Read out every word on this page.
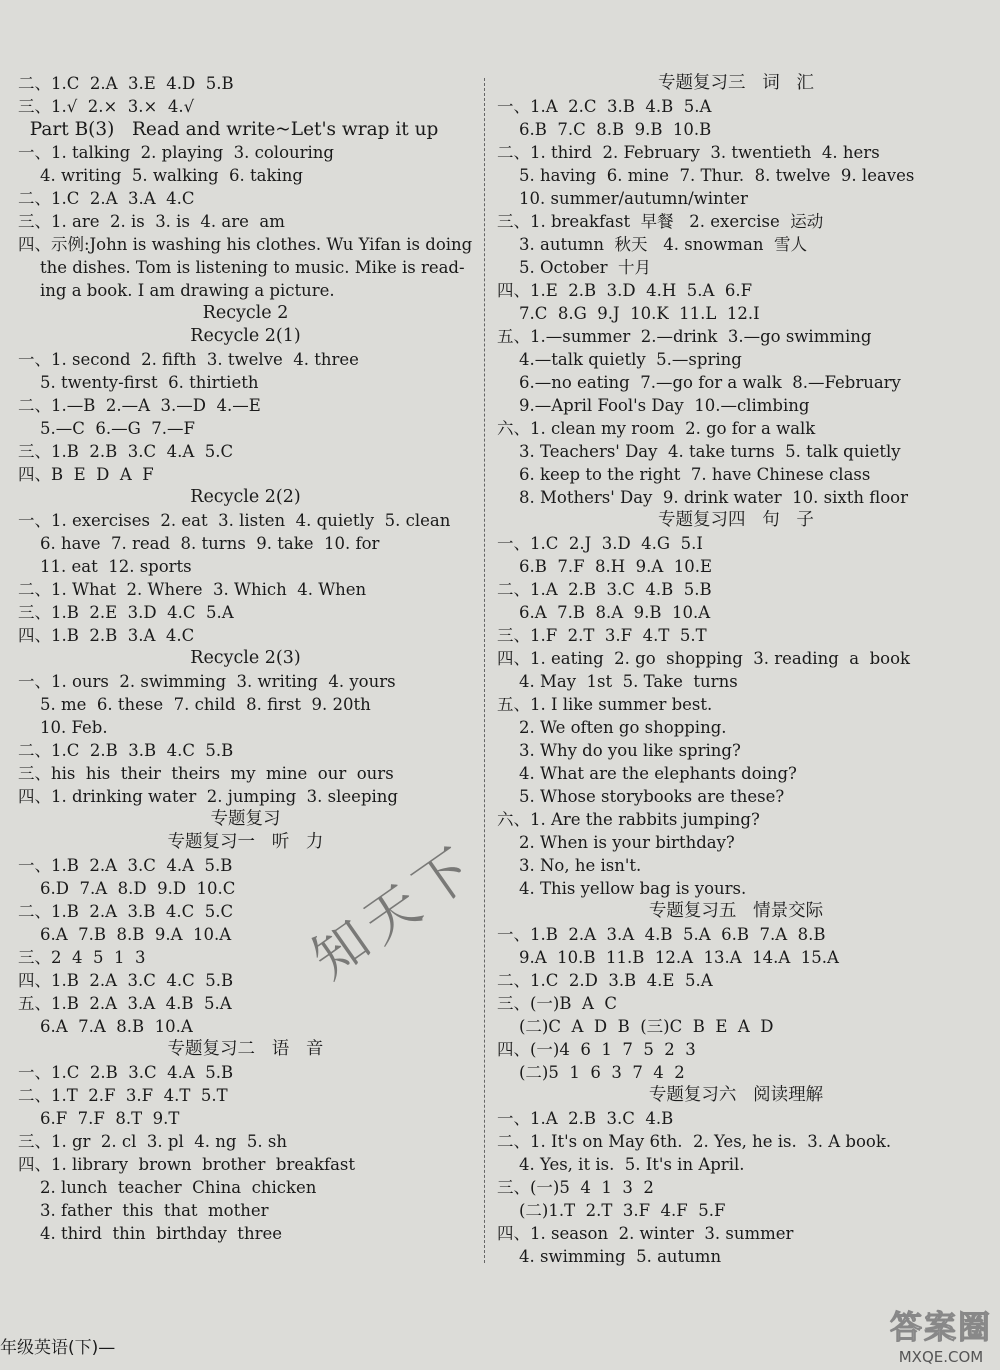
二、1.C  2.A  3.E  4.D  5.B
三、1.√  2.×  3.×  4.√
Part B(3)   Read and write~Let's wrap it up
一、1. talking  2. playing  3. colouring
4. writing  5. walking  6. taking
二、1.C  2.A  3.A  4.C
三、1. are  2. is  3. is  4. are  am
四、示例:John is washing his clothes. Wu Yifan is doing
the dishes. Tom is listening to music. Mike is read-
ing a book. I am drawing a picture.
Recycle 2
Recycle 2(1)
一、1. second  2. fifth  3. twelve  4. three
5. twenty-first  6. thirtieth
二、1.—B  2.—A  3.—D  4.—E
5.—C  6.—G  7.—F
三、1.B  2.B  3.C  4.A  5.C
四、B  E  D  A  F
Recycle 2(2)
一、1. exercises  2. eat  3. listen  4. quietly  5. clean
6. have  7. read  8. turns  9. take  10. for
11. eat  12. sports
二、1. What  2. Where  3. Which  4. When
三、1.B  2.E  3.D  4.C  5.A
四、1.B  2.B  3.A  4.C
Recycle 2(3)
一、1. ours  2. swimming  3. writing  4. yours
5. me  6. these  7. child  8. first  9. 20th
10. Feb.
二、1.C  2.B  3.B  4.C  5.B
三、his  his  their  theirs  my  mine  our  ours
四、1. drinking water  2. jumping  3. sleeping
专题复习
专题复习一   听   力
一、1.B  2.A  3.C  4.A  5.B
6.D  7.A  8.D  9.D  10.C
二、1.B  2.A  3.B  4.C  5.C
6.A  7.B  8.B  9.A  10.A
三、2  4  5  1  3
四、1.B  2.A  3.C  4.C  5.B
五、1.B  2.A  3.A  4.B  5.A
6.A  7.A  8.B  10.A
专题复习二   语   音
一、1.C  2.B  3.C  4.A  5.B
二、1.T  2.F  3.F  4.T  5.T
6.F  7.F  8.T  9.T
三、1. gr  2. cl  3. pl  4. ng  5. sh
四、1. library  brown  brother  breakfast
2. lunch  teacher  China  chicken
3. father  this  that  mother
4. third  thin  birthday  three
专题复习三   词   汇
一、1.A  2.C  3.B  4.B  5.A
6.B  7.C  8.B  9.B  10.B
二、1. third  2. February  3. twentieth  4. hers
5. having  6. mine  7. Thur.  8. twelve  9. leaves
10. summer/autumn/winter
三、1. breakfast  早餐   2. exercise  运动
3. autumn  秋天   4. snowman  雪人
5. October  十月
四、1.E  2.B  3.D  4.H  5.A  6.F
7.C  8.G  9.J  10.K  11.L  12.I
五、1.—summer  2.—drink  3.—go swimming
4.—talk quietly  5.—spring
6.—no eating  7.—go for a walk  8.—February
9.—April Fool's Day  10.—climbing
六、1. clean my room  2. go for a walk
3. Teachers' Day  4. take turns  5. talk quietly
6. keep to the right  7. have Chinese class
8. Mothers' Day  9. drink water  10. sixth floor
专题复习四   句   子
一、1.C  2.J  3.D  4.G  5.I
6.B  7.F  8.H  9.A  10.E
二、1.A  2.B  3.C  4.B  5.B
6.A  7.B  8.A  9.B  10.A
三、1.F  2.T  3.F  4.T  5.T
四、1. eating  2. go  shopping  3. reading  a  book
4. May  1st  5. Take  turns
五、1. I like summer best.
2. We often go shopping.
3. Why do you like spring?
4. What are the elephants doing?
5. Whose storybooks are these?
六、1. Are the rabbits jumping?
2. When is your birthday?
3. No, he isn't.
4. This yellow bag is yours.
专题复习五   情景交际
一、1.B  2.A  3.A  4.B  5.A  6.B  7.A  8.B
9.A  10.B  11.B  12.A  13.A  14.A  15.A
二、1.C  2.D  3.B  4.E  5.A
三、(一)B  A  C
(二)C  A  D  B  (三)C  B  E  A  D
四、(一)4  6  1  7  5  2  3
(二)5  1  6  3  7  4  2
专题复习六   阅读理解
一、1.A  2.B  3.C  4.B
二、1. It's on May 6th.  2. Yes, he is.  3. A book.
4. Yes, it is.  5. It's in April.
三、(一)5  4  1  3  2
(二)1.T  2.T  3.F  4.F  5.F
四、1. season  2. winter  3. summer
4. swimming  5. autumn
知天下
年级英语(下)—
答案圈
MXQE.COM
